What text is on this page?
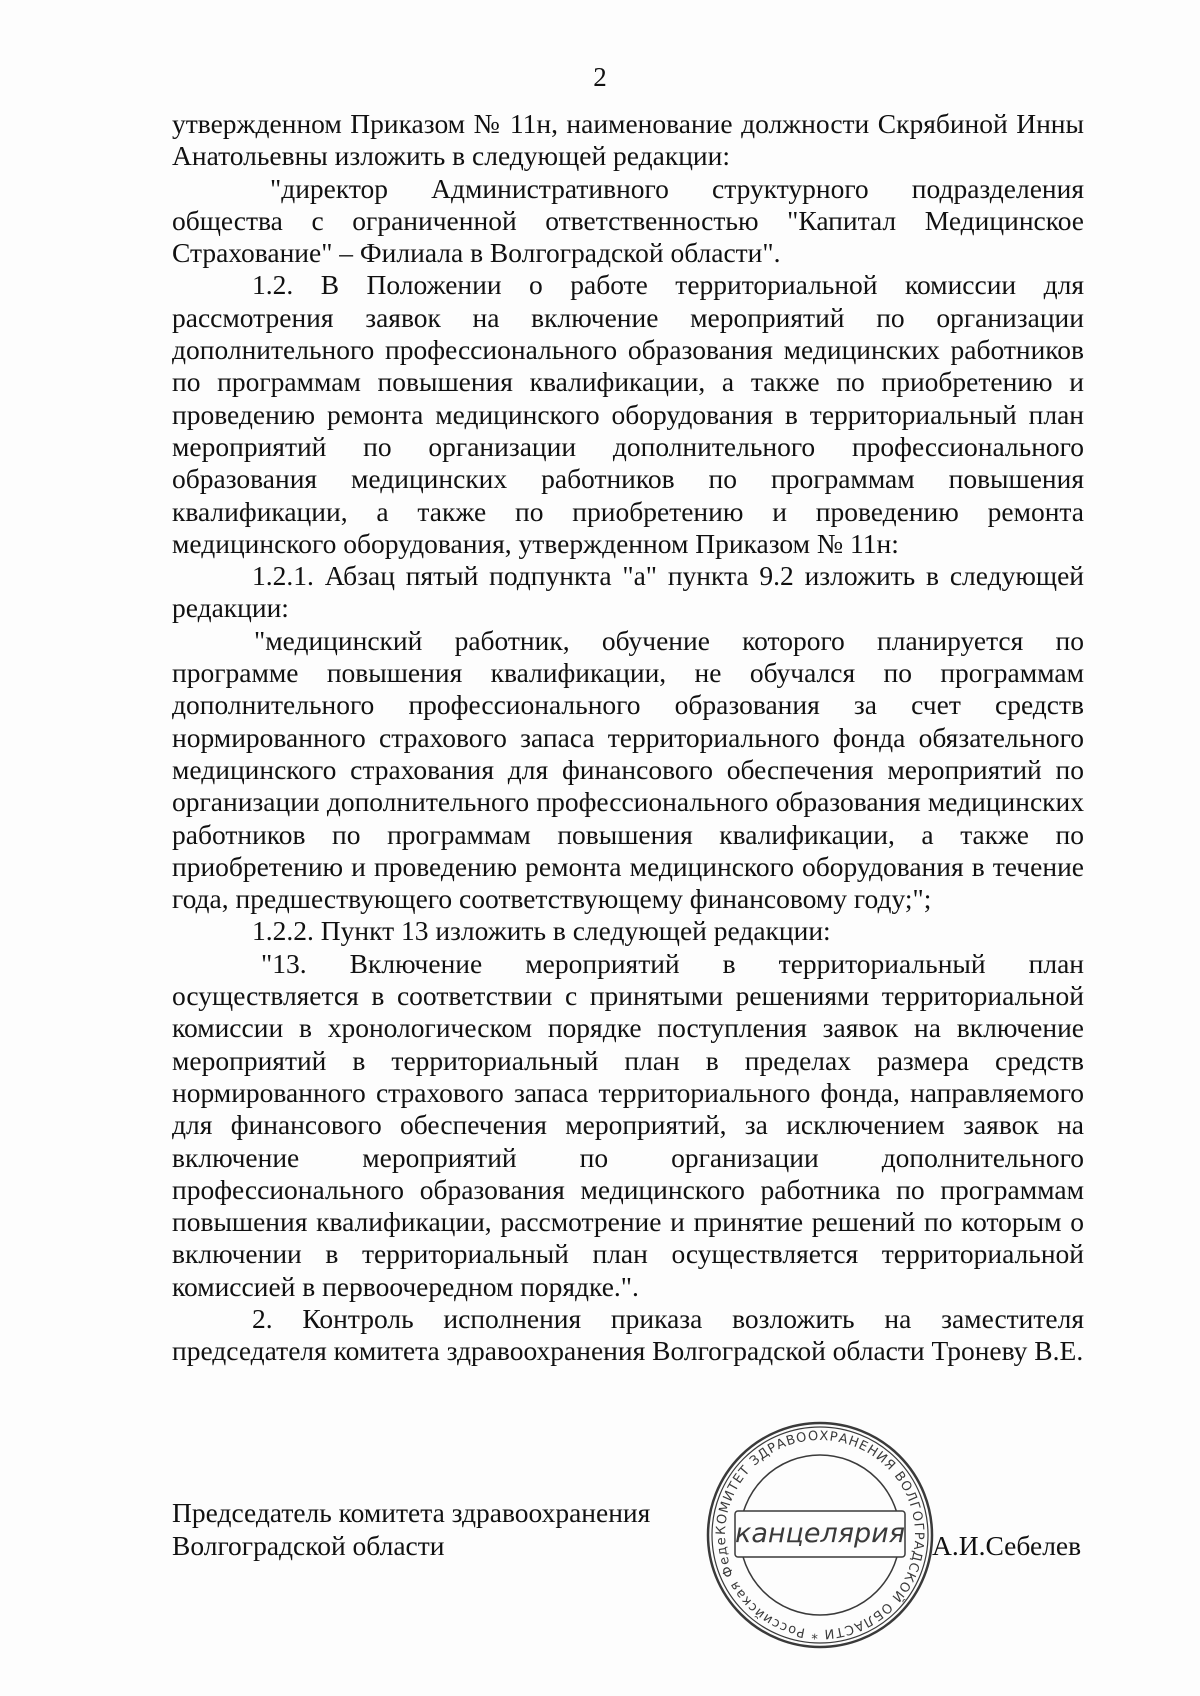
2

утвержденном Приказом № 11н, наименование должности Скрябиной Инны Анатольевны изложить в следующей редакции:

"директор Административного структурного подразделения общества с ограниченной ответственностью "Капитал Медицинское Страхование" – Филиала в Волгоградской области".

1.2. В Положении о работе территориальной комиссии для рассмотрения заявок на включение мероприятий по организации дополнительного профессионального образования медицинских работников по программам повышения квалификации, а также по приобретению и проведению ремонта медицинского оборудования в территориальный план мероприятий по организации дополнительного профессионального образования медицинских работников по программам повышения квалификации, а также по приобретению и проведению ремонта медицинского оборудования, утвержденном Приказом № 11н:

1.2.1. Абзац пятый подпункта "а" пункта 9.2 изложить в следующей редакции:

"медицинский работник, обучение которого планируется по программе повышения квалификации, не обучался по программам дополнительного профессионального образования за счет средств нормированного страхового запаса территориального фонда обязательного медицинского страхования для финансового обеспечения мероприятий по организации дополнительного профессионального образования медицинских работников по программам повышения квалификации, а также по приобретению и проведению ремонта медицинского оборудования в течение года, предшествующего соответствующему финансовому году;";

1.2.2. Пункт 13 изложить в следующей редакции:

"13. Включение мероприятий в территориальный план осуществляется в соответствии с принятыми решениями территориальной комиссии в хронологическом порядке поступления заявок на включение мероприятий в территориальный план в пределах размера средств нормированного страхового запаса территориального фонда, направляемого для финансового обеспечения мероприятий, за исключением заявок на включение мероприятий по организации дополнительного профессионального образования медицинского работника по программам повышения квалификации, рассмотрение и принятие решений по которым о включении в территориальный план осуществляется территориальной комиссией в первоочередном порядке.".

2. Контроль исполнения приказа возложить на заместителя председателя комитета здравоохранения Волгоградской области Троневу В.Е.

Председатель комитета здравоохранения
Волгоградской области
КОМИТЕТ ЗДРАВООХРАНЕНИЯ ВОЛГОГРАДСКОЙ ОБЛАСТИ * Российская Феде канцелярия А.И.Себелев
